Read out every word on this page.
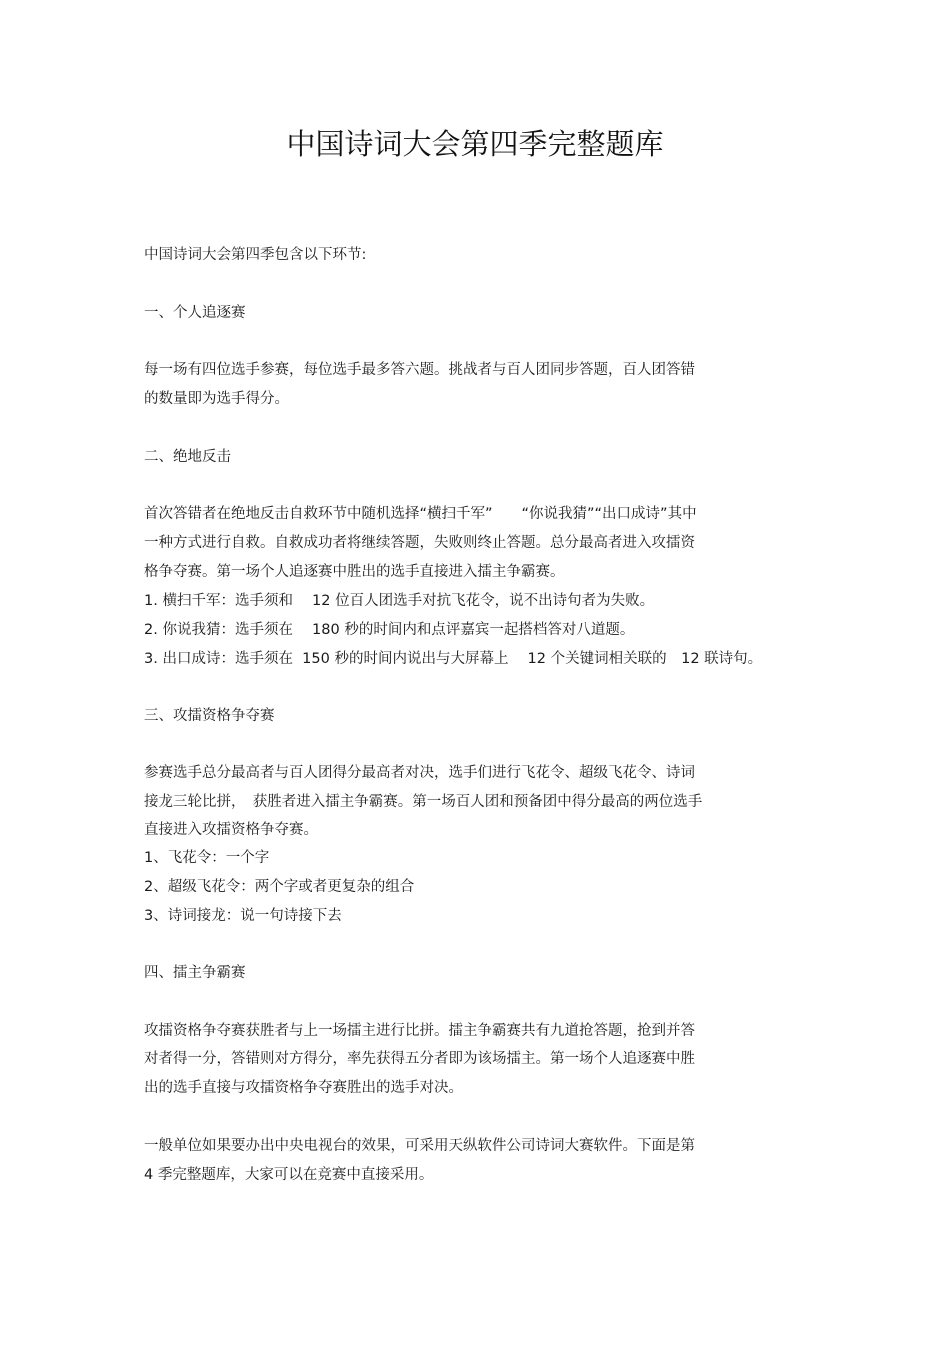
中国诗词大会第四季完整题库
中国诗词大会第四季包含以下环节:
一、个人追逐赛
每一场有四位选手参赛，每位选手最多答六题。挑战者与百人团同步答题，百人团答错
的数量即为选手得分。
二、绝地反击
首次答错者在绝地反击自救环节中随机选择“横扫千军”　　“你说我猜”“出口成诗”其中
一种方式进行自救。自救成功者将继续答题，失败则终止答题。总分最高者进入攻擂资
格争夺赛。第一场个人追逐赛中胜出的选手直接进入擂主争霸赛。
1. 横扫千军：选手须和　 12 位百人团选手对抗飞花令，说不出诗句者为失败。
2. 你说我猜：选手须在　 180 秒的时间内和点评嘉宾一起搭档答对八道题。
3. 出口成诗：选手须在  150 秒的时间内说出与大屏幕上　 12 个关键词相关联的　12 联诗句。
三、攻擂资格争夺赛
参赛选手总分最高者与百人团得分最高者对决，选手们进行飞花令、超级飞花令、诗词
接龙三轮比拼，　获胜者进入擂主争霸赛。第一场百人团和预备团中得分最高的两位选手
直接进入攻擂资格争夺赛。
1、飞花令：一个字
2、超级飞花令：两个字或者更复杂的组合
3、诗词接龙：说一句诗接下去
四、擂主争霸赛
攻擂资格争夺赛获胜者与上一场擂主进行比拼。擂主争霸赛共有九道抢答题，抢到并答
对者得一分，答错则对方得分，率先获得五分者即为该场擂主。第一场个人追逐赛中胜
出的选手直接与攻擂资格争夺赛胜出的选手对决。
一般单位如果要办出中央电视台的效果，可采用天纵软件公司诗词大赛软件。下面是第
4 季完整题库，大家可以在竞赛中直接采用。
